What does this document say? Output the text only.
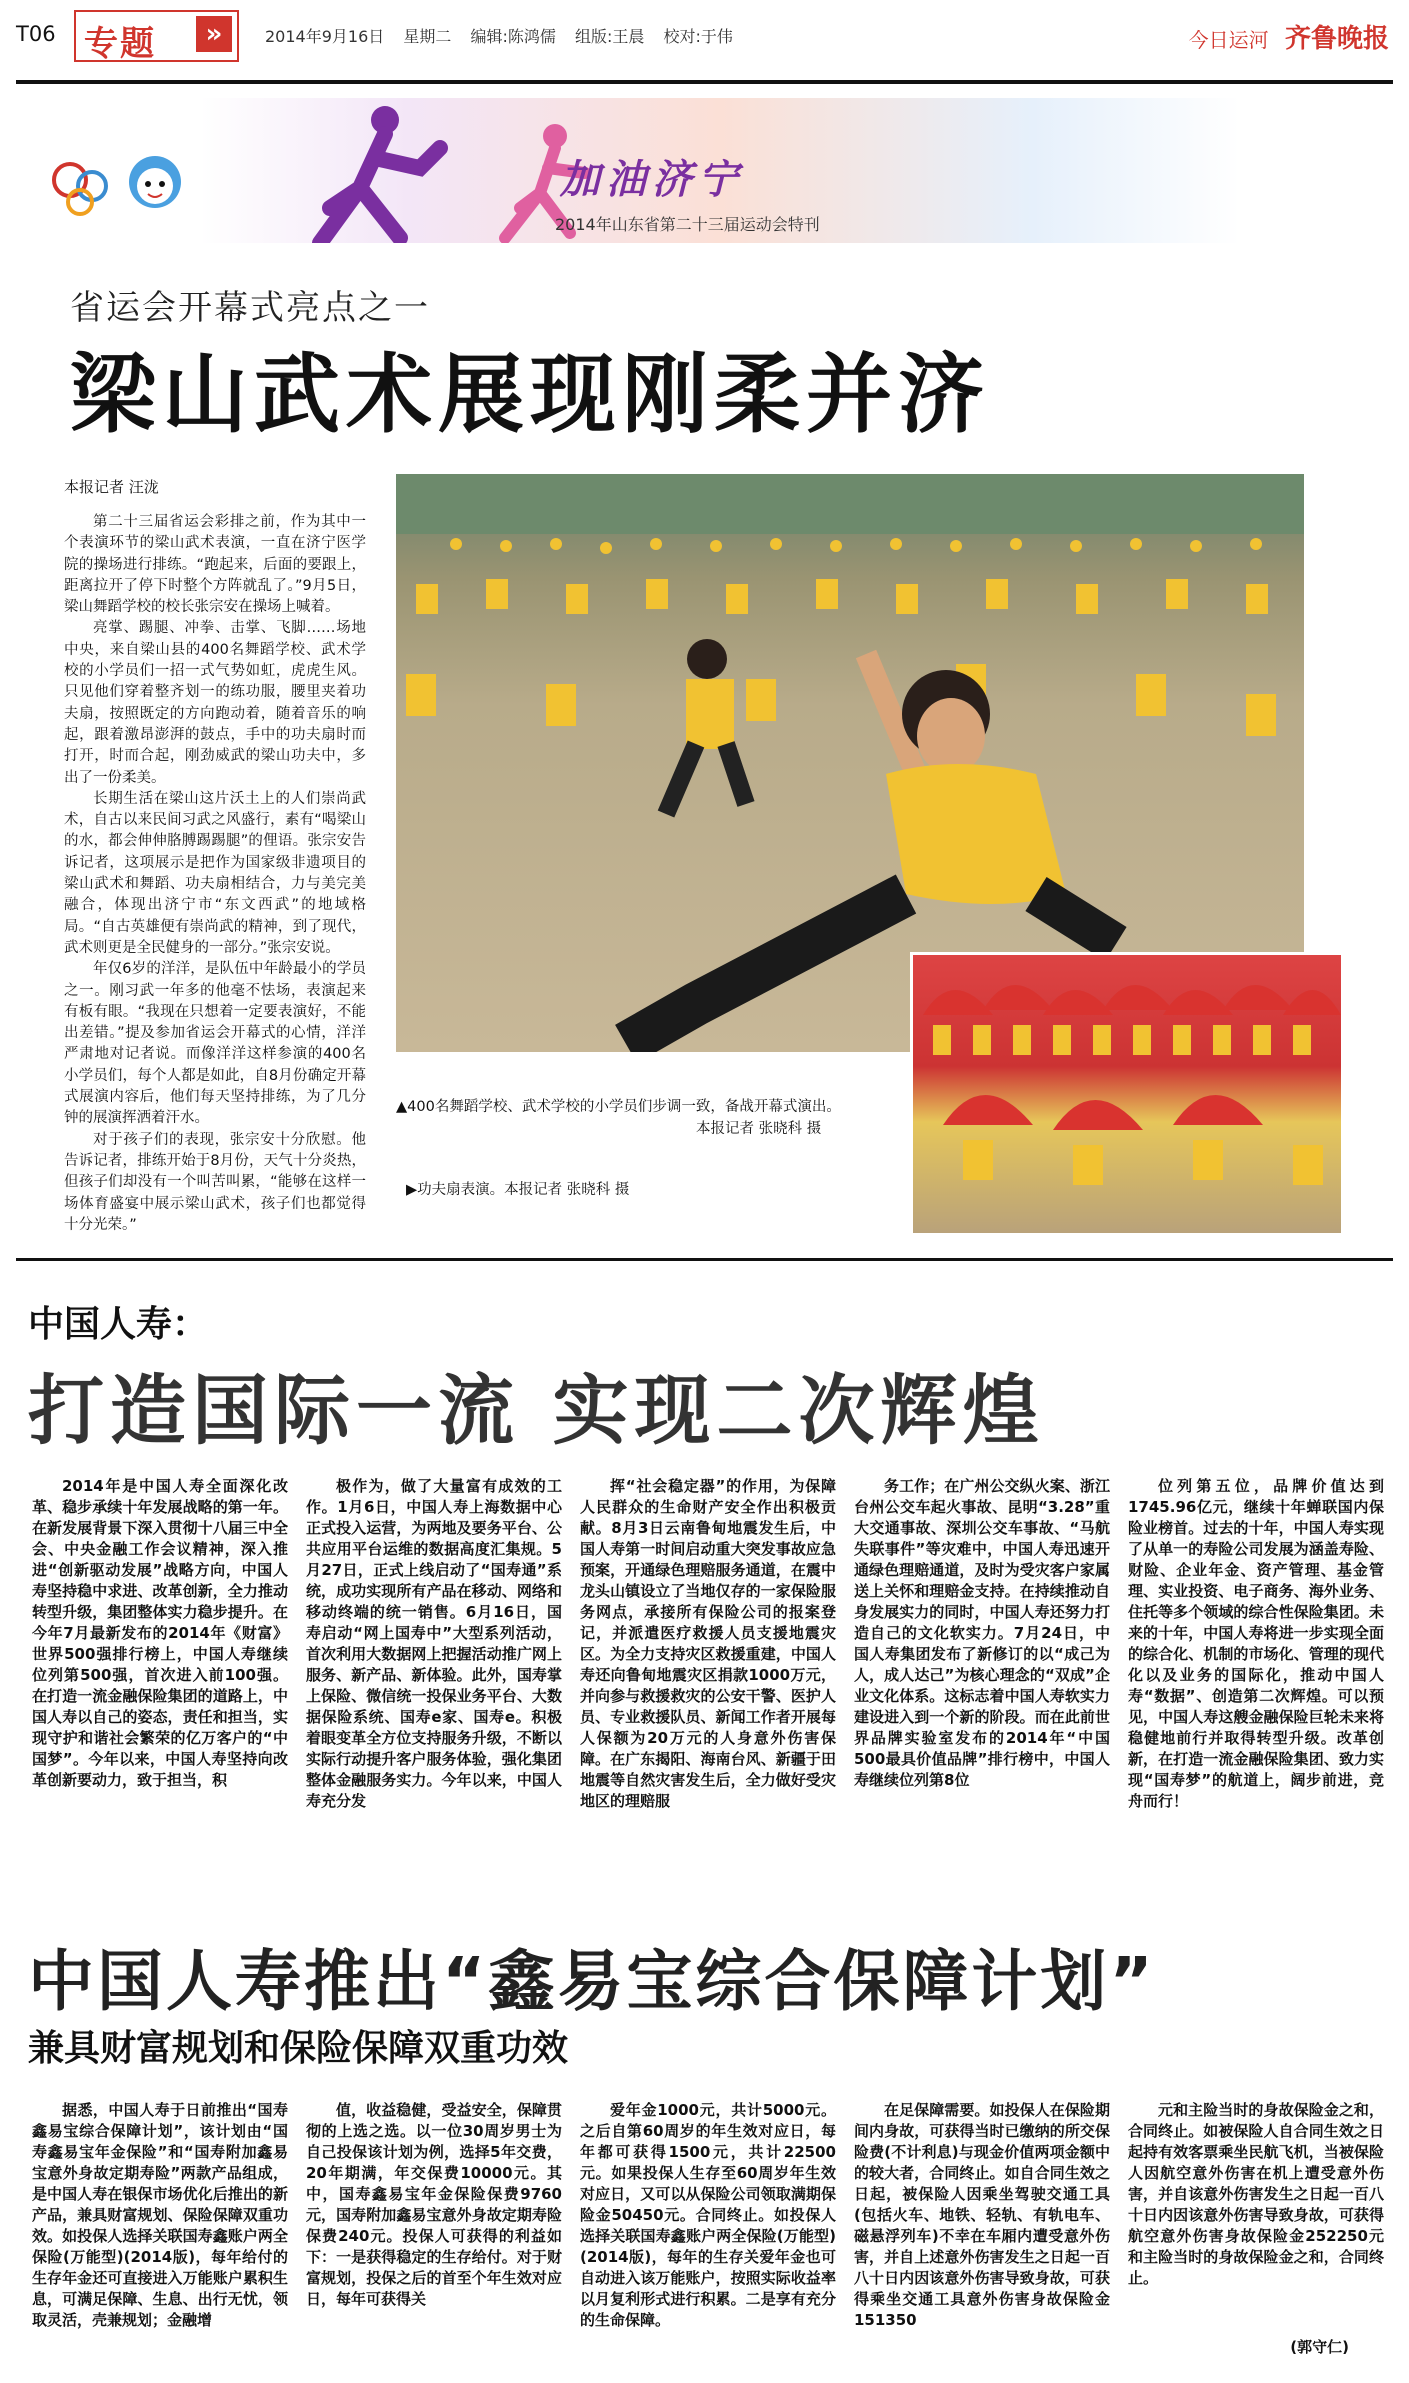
T06 专题	»	2014年9月16日 星期二 编辑:陈鸿儒 组版:王晨 校对:于伟	今日运河 齐鲁晚报
加油济宁
2014年山东省第二十三届运动会特刊
省运会开幕式亮点之一
梁山武术展现刚柔并济
本报记者 汪泷

第二十三届省运会彩排之前，作为其中一个表演环节的梁山武术表演，一直在济宁医学院的操场进行排练。“跑起来，后面的要跟上，距离拉开了停下时整个方阵就乱了。”9月5日，梁山舞蹈学校的校长张宗安在操场上喊着。

亮掌、踢腿、冲拳、击掌、飞脚……场地中央，来自梁山县的400名舞蹈学校、武术学校的小学员们一招一式气势如虹，虎虎生风。只见他们穿着整齐划一的练功服，腰里夹着功夫扇，按照既定的方向跑动着，随着音乐的响起，跟着激昂澎湃的鼓点，手中的功夫扇时而打开，时而合起，刚劲威武的梁山功夫中，多出了一份柔美。

长期生活在梁山这片沃土上的人们崇尚武术，自古以来民间习武之风盛行，素有“喝梁山的水，都会伸伸胳膊踢踢腿”的俚语。张宗安告诉记者，这项展示是把作为国家级非遗项目的梁山武术和舞蹈、功夫扇相结合，力与美完美融合，体现出济宁市“东文西武”的地域格局。“自古英雄便有崇尚武的精神，到了现代，武术则更是全民健身的一部分。”张宗安说。

年仅6岁的洋洋，是队伍中年龄最小的学员之一。刚习武一年多的他毫不怯场，表演起来有板有眼。“我现在只想着一定要表演好，不能出差错。”提及参加省运会开幕式的心情，洋洋严肃地对记者说。而像洋洋这样参演的400名小学员们，每个人都是如此，自8月份确定开幕式展演内容后，他们每天坚持排练，为了几分钟的展演挥洒着汗水。

对于孩子们的表现，张宗安十分欣慰。他告诉记者，排练开始于8月份，天气十分炎热，但孩子们却没有一个叫苦叫累，“能够在这样一场体育盛宴中展示梁山武术，孩子们也都觉得十分光荣。”

▲400名舞蹈学校、武术学校的小学员们步调一致，备战开幕式演出。
本报记者 张晓科 摄
▶功夫扇表演。本报记者 张晓科 摄
中国人寿：
打造国际一流 实现二次辉煌
2014年是中国人寿全面深化改革、稳步承续十年发展战略的第一年。在新发展背景下深入贯彻十八届三中全会、中央金融工作会议精神，深入推进“创新驱动发展”战略方向，中国人寿坚持稳中求进、改革创新，全力推动转型升级，集团整体实力稳步提升。在今年7月最新发布的2014年《财富》世界500强排行榜上，中国人寿继续位列第500强，首次进入前100强。在打造一流金融保险集团的道路上，中国人寿以自己的姿态，责任和担当，实现守护和谐社会繁荣的亿万客户的“中国梦”。今年以来，中国人寿坚持向改革创新要动力，致于担当，积
极作为，做了大量富有成效的工作。1月6日，中国人寿上海数据中心正式投入运营，为两地及要务平台、公共应用平台运维的数据高度汇集规。5月27日，正式上线启动了“国寿通”系统，成功实现所有产品在移动、网络和移动终端的统一销售。6月16日，国寿启动“网上国寿中”大型系列活动，首次利用大数据网上把握活动推广网上服务、新产品、新体验。此外，国寿掌上保险、微信统一投保业务平台、大数据保险系统、国寿e家、国寿e。积极着眼变革全方位支持服务升级，不断以实际行动提升客户服务体验，强化集团整体金融服务实力。今年以来，中国人寿充分发
挥“社会稳定器”的作用，为保障人民群众的生命财产安全作出积极贡献。8月3日云南鲁甸地震发生后，中国人寿第一时间启动重大突发事故应急预案，开通绿色理赔服务通道，在震中龙头山镇设立了当地仅存的一家保险服务网点，承接所有保险公司的报案登记，并派遣医疗救援人员支援地震灾区。为全力支持灾区救援重建，中国人寿还向鲁甸地震灾区捐款1000万元，并向参与救援救灾的公安干警、医护人员、专业救援队员、新闻工作者开展每人保额为20万元的人身意外伤害保障。在广东揭阳、海南台风、新疆于田地震等自然灾害发生后，全力做好受灾地区的理赔服
务工作；在广州公交纵火案、浙江台州公交车起火事故、昆明“3.28”重大交通事故、深圳公交车事故、“马航失联事件”等灾难中，中国人寿迅速开通绿色理赔通道，及时为受灾客户家属送上关怀和理赔金支持。在持续推动自身发展实力的同时，中国人寿还努力打造自己的文化软实力。7月24日，中国人寿集团发布了新修订的以“成己为人，成人达己”为核心理念的“双成”企业文化体系。这标志着中国人寿软实力建设进入到一个新的阶段。而在此前世界品牌实验室发布的2014年“中国500最具价值品牌”排行榜中，中国人寿继续位列第8位
位列第五位，品牌价值达到1745.96亿元，继续十年蝉联国内保险业榜首。过去的十年，中国人寿实现了从单一的寿险公司发展为涵盖寿险、财险、企业年金、资产管理、基金管理、实业投资、电子商务、海外业务、住托等多个领域的综合性保险集团。未来的十年，中国人寿将进一步实现全面的综合化、机制的市场化、管理的现代化以及业务的国际化，推动中国人寿“数据”、创造第二次辉煌。可以预见，中国人寿这艘金融保险巨轮未来将稳健地前行并取得转型升级。改革创新，在打造一流金融保险集团、致力实现“国寿梦”的航道上，阔步前进，竞舟而行！
中国人寿推出“鑫易宝综合保障计划”
兼具财富规划和保险保障双重功效
据悉，中国人寿于日前推出“国寿鑫易宝综合保障计划”，该计划由“国寿鑫易宝年金保险”和“国寿附加鑫易宝意外身故定期寿险”两款产品组成，是中国人寿在银保市场优化后推出的新产品，兼具财富规划、保险保障双重功效。如投保人选择关联国寿鑫账户两全保险(万能型)(2014版)，每年给付的生存年金还可直接进入万能账户累积生息，可满足保障、生息、出行无忧，领取灵活，壳兼规划；金融增
值，收益稳健，受益安全，保障贯彻的上选之选。以一位30周岁男士为自己投保该计划为例，选择5年交费，20年期满，年交保费10000元。其中，国寿鑫易宝年金保险保费9760元，国寿附加鑫易宝意外身故定期寿险保费240元。投保人可获得的利益如下：一是获得稳定的生存给付。对于财富规划，投保之后的首至个年生效对应日，每年可获得关
爱年金1000元，共计5000元。之后自第60周岁的年生效对应日，每年都可获得1500元，共计22500元。如果投保人生存至60周岁年生效对应日，又可以从保险公司领取满期保险金50450元。合同终止。如投保人选择关联国寿鑫账户两全保险(万能型)(2014版)，每年的生存关爱年金也可自动进入该万能账户，按照实际收益率以月复利形式进行积累。二是享有充分的生命保障。
在足保障需要。如投保人在保险期间内身故，可获得当时已缴纳的所交保险费(不计利息)与现金价值两项金额中的较大者，合同终止。如自合同生效之日起，被保险人因乘坐驾驶交通工具(包括火车、地铁、轻轨、有轨电车、磁悬浮列车)不幸在车厢内遭受意外伤害，并自上述意外伤害发生之日起一百八十日内因该意外伤害导致身故，可获得乘坐交通工具意外伤害身故保险金151350
元和主险当时的身故保险金之和，合同终止。如被保险人自合同生效之日起持有效客票乘坐民航飞机，当被保险人因航空意外伤害在机上遭受意外伤害，并自该意外伤害发生之日起一百八十日内因该意外伤害导致身故，可获得航空意外伤害身故保险金252250元和主险当时的身故保险金之和，合同终止。
(郭守仁)
